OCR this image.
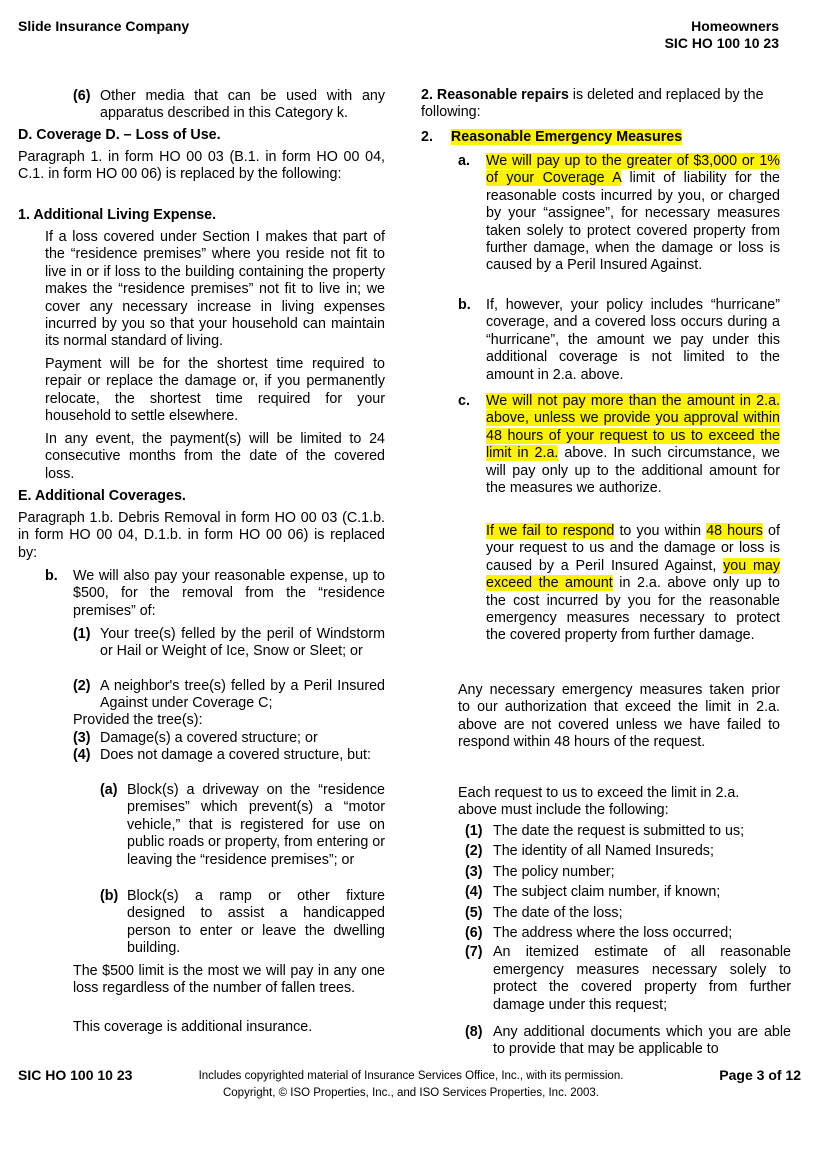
Slide Insurance Company	Homeowners
SIC HO 100 10 23
(6) Other media that can be used with any apparatus described in this Category k.

D. Coverage D. – Loss of Use.
Paragraph 1. in form HO 00 03 (B.1. in form HO 00 04, C.1. in form HO 00 06) is replaced by the following:
1. Additional Living Expense.
If a loss covered under Section I makes that part of the “residence premises” where you reside not fit to live in or if loss to the building containing the property makes the “residence premises” not fit to live in; we cover any necessary increase in living expenses incurred by you so that your household can maintain its normal standard of living.
Payment will be for the shortest time required to repair or replace the damage or, if you permanently relocate, the shortest time required for your household to settle elsewhere.
In any event, the payment(s) will be limited to 24 consecutive months from the date of the covered loss.
E. Additional Coverages.
Paragraph 1.b. Debris Removal in form HO 00 03 (C.1.b. in form HO 00 04, D.1.b. in form HO 00 06) is replaced by:
b. We will also pay your reasonable expense, up to $500, for the removal from the “residence premises” of:

(1) Your tree(s) felled by the peril of Windstorm or Hail or Weight of Ice, Snow or Sleet; or

(2) A neighbor's tree(s) felled by a Peril Insured Against under Coverage C;

Provided the tree(s):
(3) Damage(s) a covered structure; or

(4) Does not damage a covered structure, but:

(a) Block(s) a driveway on the “residence premises” which prevent(s) a “motor vehicle,” that is registered for use on public roads or property, from entering or leaving the “residence premises”; or

(b) Block(s) a ramp or other fixture designed to assist a handicapped person to enter or leave the dwelling building.

The $500 limit is the most we will pay in any one loss regardless of the number of fallen trees.
This coverage is additional insurance.
2. Reasonable repairs is deleted and replaced by the following:
2. Reasonable Emergency Measures
a. We will pay up to the greater of $3,000 or 1% of your Coverage A limit of liability for the reasonable costs incurred by you, or charged by your “assignee”, for necessary measures taken solely to protect covered property from further damage, when the damage or loss is caused by a Peril Insured Against.

b. If, however, your policy includes “hurricane” coverage, and a covered loss occurs during a “hurricane”, the amount we pay under this additional coverage is not limited to the amount in 2.a. above.

c. We will not pay more than the amount in 2.a. above, unless we provide you approval within 48 hours of your request to us to exceed the limit in 2.a. above. In such circumstance, we will pay only up to the additional amount for the measures we authorize.

If we fail to respond to you within 48 hours of your request to us and the damage or loss is caused by a Peril Insured Against, you may exceed the amount in 2.a. above only up to the cost incurred by you for the reasonable emergency measures necessary to protect the covered property from further damage.

Any necessary emergency measures taken prior to our authorization that exceed the limit in 2.a. above are not covered unless we have failed to respond within 48 hours of the request.
Each request to us to exceed the limit in 2.a. above must include the following:
(1) The date the request is submitted to us;
(2) The identity of all Named Insureds;
(3) The policy number;
(4) The subject claim number, if known;
(5) The date of the loss;
(6) The address where the loss occurred;
(7) An itemized estimate of all reasonable emergency measures necessary solely to protect the covered property from further damage under this request;
(8) Any additional documents which you are able to provide that may be applicable to
SIC HO 100 10 23	Includes copyrighted material of Insurance Services Office, Inc., with its permission.
Copyright, © ISO Properties, Inc., and ISO Services Properties, Inc. 2003.
Page 3 of 12
